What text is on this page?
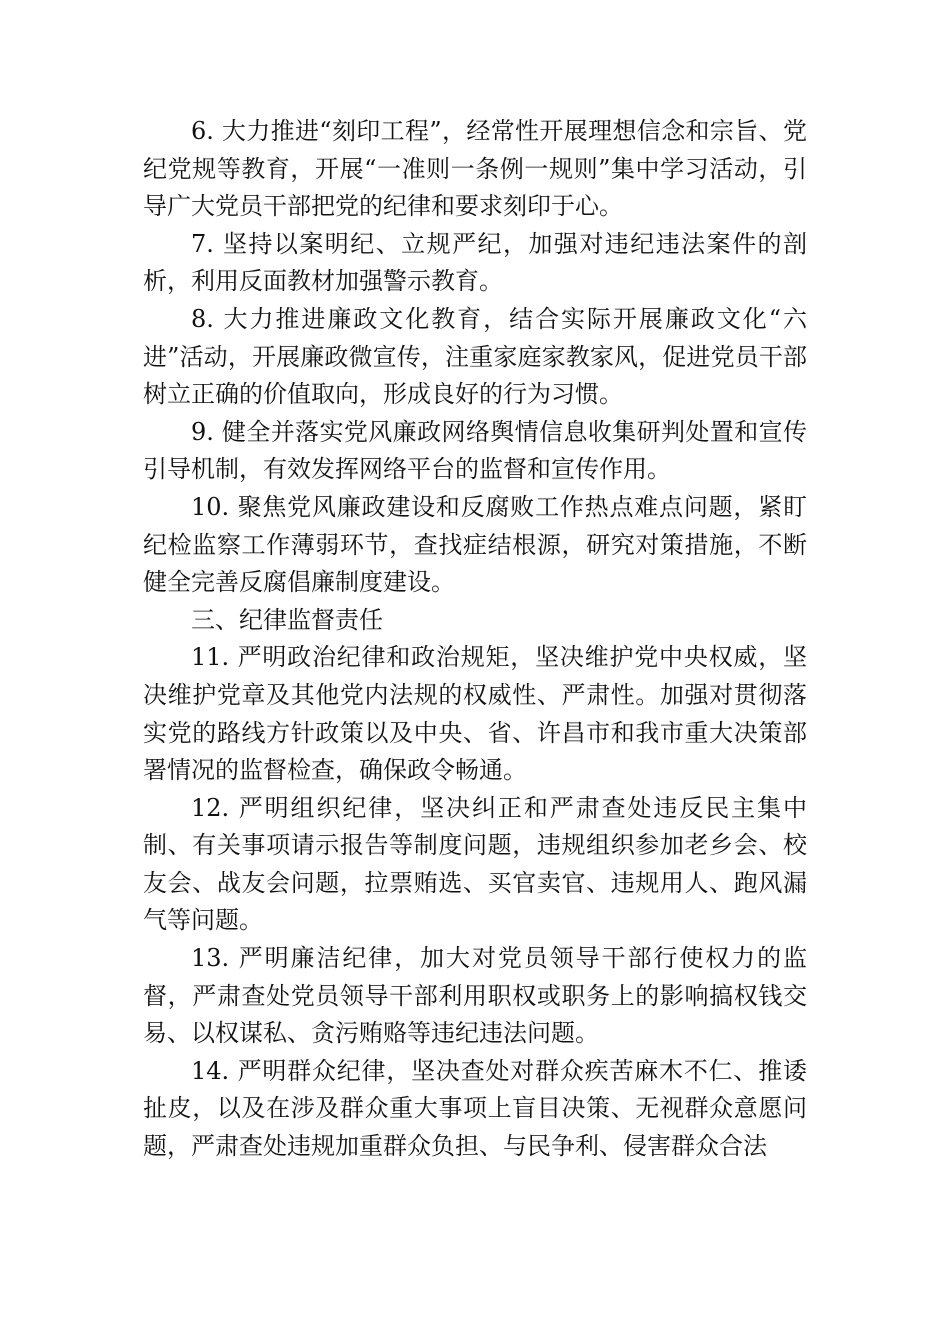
6. 大力推进“刻印工程”，经常性开展理想信念和宗旨、党纪党规等教育，开展“一准则一条例一规则”集中学习活动，引导广大党员干部把党的纪律和要求刻印于心。

7. 坚持以案明纪、立规严纪，加强对违纪违法案件的剖析，利用反面教材加强警示教育。

8. 大力推进廉政文化教育，结合实际开展廉政文化“六进”活动，开展廉政微宣传，注重家庭家教家风，促进党员干部树立正确的价值取向，形成良好的行为习惯。

9. 健全并落实党风廉政网络舆情信息收集研判处置和宣传引导机制，有效发挥网络平台的监督和宣传作用。

10. 聚焦党风廉政建设和反腐败工作热点难点问题，紧盯纪检监察工作薄弱环节，查找症结根源，研究对策措施，不断健全完善反腐倡廉制度建设。

三、纪律监督责任

11. 严明政治纪律和政治规矩，坚决维护党中央权威，坚决维护党章及其他党内法规的权威性、严肃性。加强对贯彻落实党的路线方针政策以及中央、省、许昌市和我市重大决策部署情况的监督检查，确保政令畅通。

12. 严明组织纪律，坚决纠正和严肃查处违反民主集中制、有关事项请示报告等制度问题，违规组织参加老乡会、校友会、战友会问题，拉票贿选、买官卖官、违规用人、跑风漏气等问题。

13. 严明廉洁纪律，加大对党员领导干部行使权力的监督，严肃查处党员领导干部利用职权或职务上的影响搞权钱交易、以权谋私、贪污贿赂等违纪违法问题。

14. 严明群众纪律，坚决查处对群众疾苦麻木不仁、推诿扯皮，以及在涉及群众重大事项上盲目决策、无视群众意愿问题，严肃查处违规加重群众负担、与民争利、侵害群众合法
